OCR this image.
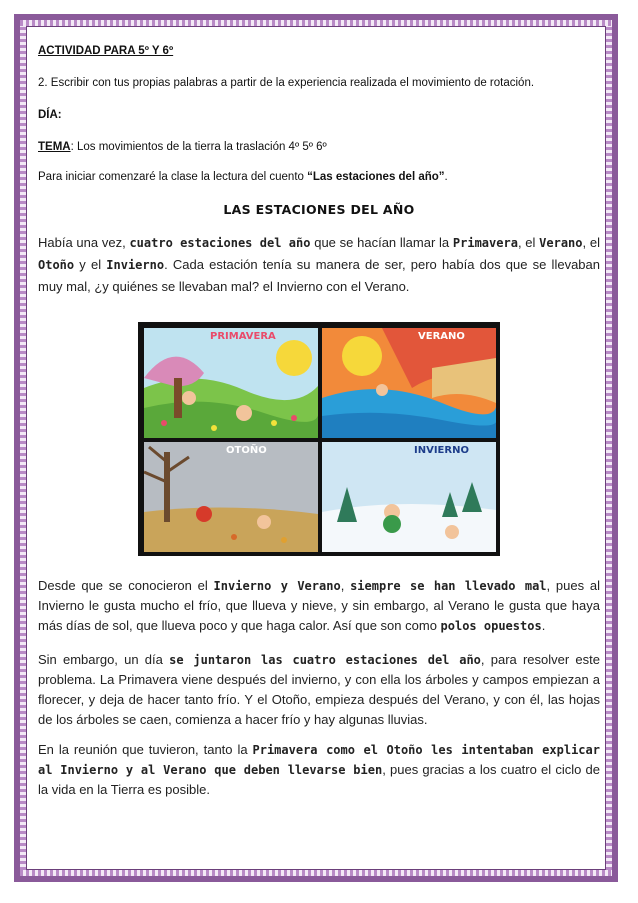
ACTIVIDAD PARA 5º Y 6º
2. Escribir con tus propias palabras a partir de la experiencia realizada el movimiento de rotación.
DÍA:
TEMA: Los movimientos de la tierra la traslación 4º 5º 6º
Para iniciar comenzaré la clase la lectura del cuento “Las estaciones del año”.
LAS ESTACIONES DEL AÑO
Había una vez, cuatro estaciones del año que se hacían llamar la Primavera, el Verano, el Otoño y el Invierno. Cada estación tenía su manera de ser, pero había dos que se llevaban muy mal, ¿y quiénes se llevaban mal? el Invierno con el Verano.
PRIMAVERA	VERANO
OTOÑO	INVIERNO
Desde que se conocieron el Invierno y Verano, siempre se han llevado mal, pues al Invierno le gusta mucho el frío, que llueva y nieve, y sin embargo, al Verano le gusta que haya más días de sol, que llueva poco y que haga calor. Así que son como polos opuestos.
Sin embargo, un día se juntaron las cuatro estaciones del año, para resolver este problema. La Primavera viene después del invierno, y con ella los árboles y campos empiezan a florecer, y deja de hacer tanto frío. Y el Otoño, empieza después del Verano, y con él, las hojas de los árboles se caen, comienza a hacer frío y hay algunas lluvias.
En la reunión que tuvieron, tanto la Primavera como el Otoño les intentaban explicar al Invierno y al Verano que deben llevarse bien, pues gracias a los cuatro el ciclo de la vida en la Tierra es posible.
